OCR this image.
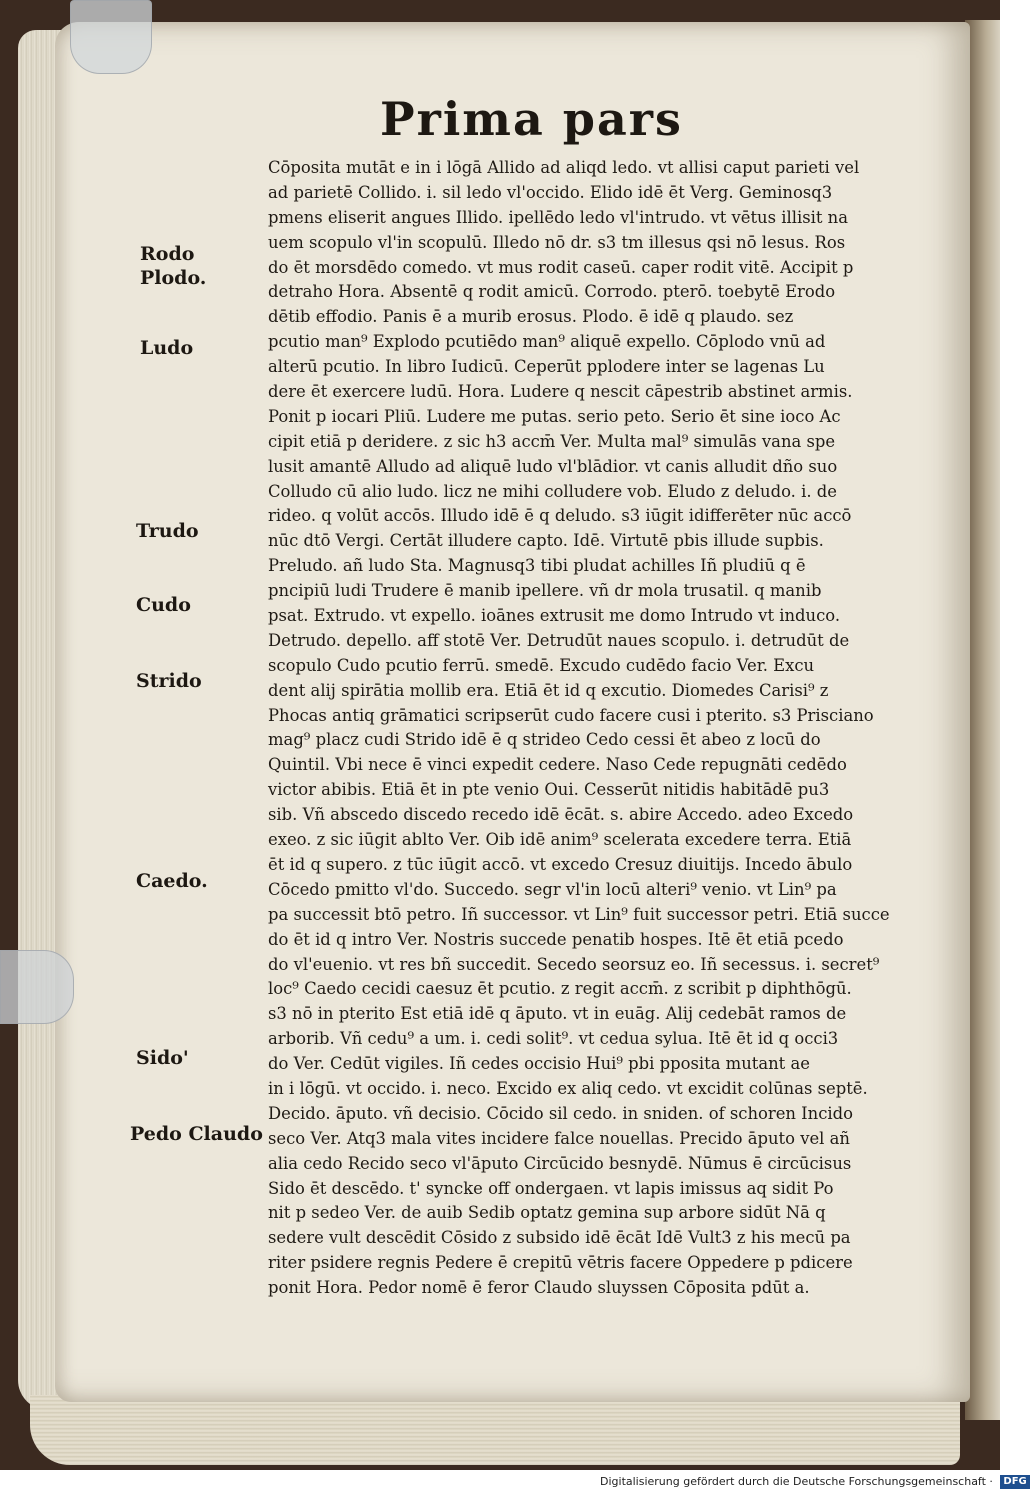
Prima pars
Rodo
Plodo.
Ludo
Trudo
Cudo
Strido
Caedo.
Sido'
Pedo Claudo
Cōposita mutāt e in i lōgā Allido ad aliqd ledo. vt allisi caput parieti vel
ad parietē Collido. i. sil ledo vl'occido. Elido idē ēt Verg. Geminosq3
pmens eliserit angues Illido. ipellēdo ledo vl'intrudo. vt vētus illisit na
uem scopulo vl'in scopulū. Illedo nō dr. s3 tm illesus qsi nō lesus. Ros
do ēt morsdēdo comedo. vt mus rodit caseū. caper rodit vitē. Accipit p
detraho Hora. Absentē q rodit amicū. Corrodo. pterō. toebytē Erodo
dētib effodio. Panis ē a murib erosus. Plodo. ē idē q plaudo. sez
pcutio man⁹ Explodo pcutiēdo man⁹ aliquē expello. Cōplodo vnū ad
alterū pcutio. In libro Iudicū. Ceperūt pplodere inter se lagenas Lu
dere ēt exercere ludū. Hora. Ludere q nescit cāpestrib abstinet armis.
Ponit p iocari Pliū. Ludere me putas. serio peto. Serio ēt sine ioco Ac
cipit etiā p deridere. z sic h3 accm̄ Ver. Multa mal⁹ simulās vana spe
lusit amantē Alludo ad aliquē ludo vl'blādior. vt canis alludit dño suo
Colludo cū alio ludo. licz ne mihi colludere vob. Eludo z deludo. i. de
rideo. q volūt accōs. Illudo idē ē q deludo. s3 iūgit idifferēter nūc accō
nūc dtō Vergi. Certāt illudere capto. Idē. Virtutē pbis illude supbis.
Preludo. añ ludo Sta. Magnusq3 tibi pludat achilles Iñ pludiū q ē
pncipiū ludi Trudere ē manib ipellere. vñ dr mola trusatil. q manib
psat. Extrudo. vt expello. ioānes extrusit me domo Intrudo vt induco.
Detrudo. depello. aff stotē Ver. Detrudūt naues scopulo. i. detrudūt de
scopulo Cudo pcutio ferrū. smedē. Excudo cudēdo facio Ver. Excu
dent alij spirātia mollib era. Etiā ēt id q excutio. Diomedes Carisi⁹ z
Phocas antiq grāmatici scripserūt cudo facere cusi i pterito. s3 Prisciano
mag⁹ placz cudi Strido idē ē q strideo Cedo cessi ēt abeo z locū do
Quintil. Vbi nece ē vinci expedit cedere. Naso Cede repugnāti cedēdo
victor abibis. Etiā ēt in pte venio Oui. Cesserūt nitidis habitādē pu3
sib. Vñ abscedo discedo recedo idē ēcāt. s. abire Accedo. adeo Excedo
exeo. z sic iūgit ablto Ver. Oib idē anim⁹ scelerata excedere terra. Etiā
ēt id q supero. z tūc iūgit accō. vt excedo Cresuz diuitijs. Incedo ābulo
Cōcedo pmitto vl'do. Succedo. segr vl'in locū alteri⁹ venio. vt Lin⁹ pa
pa successit btō petro. Iñ successor. vt Lin⁹ fuit successor petri. Etiā succe
do ēt id q intro Ver. Nostris succede penatib hospes. Itē ēt etiā pcedo
do vl'euenio. vt res bñ succedit. Secedo seorsuz eo. Iñ secessus. i. secret⁹
loc⁹ Caedo cecidi caesuz ēt pcutio. z regit accm̄. z scribit p diphthōgū.
s3 nō in pterito Est etiā idē q āputo. vt in euāg. Alij cedebāt ramos de
arborib. Vñ cedu⁹ a um. i. cedi solit⁹. vt cedua sylua. Itē ēt id q occi3
do Ver. Cedūt vigiles. Iñ cedes occisio Hui⁹ pbi pposita mutant ae
in i lōgū. vt occido. i. neco. Excido ex aliq cedo. vt excidit colūnas septē.
Decido. āputo. vñ decisio. Cōcido sil cedo. in sniden. of schoren Incido
seco Ver. Atq3 mala vites incidere falce nouellas. Precido āputo vel añ
alia cedo Recido seco vl'āputo Circūcido besnydē. Nūmus ē circūcisus
Sido ēt descēdo. t' syncke off ondergaen. vt lapis imissus aq sidit Po
nit p sedeo Ver. de auib Sedib optatz gemina sup arbore sidūt Nā q
sedere vult descēdit Cōsido z subsido idē ēcāt Idē Vult3 z his mecū pa
riter psidere regnis Pedere ē crepitū vētris facere Oppedere p pdicere
ponit Hora. Pedor nomē ē feror Claudo sluyssen Cōposita pdūt a.
Digitalisierung gefördert durch die Deutsche Forschungsgemeinschaft · DFG
